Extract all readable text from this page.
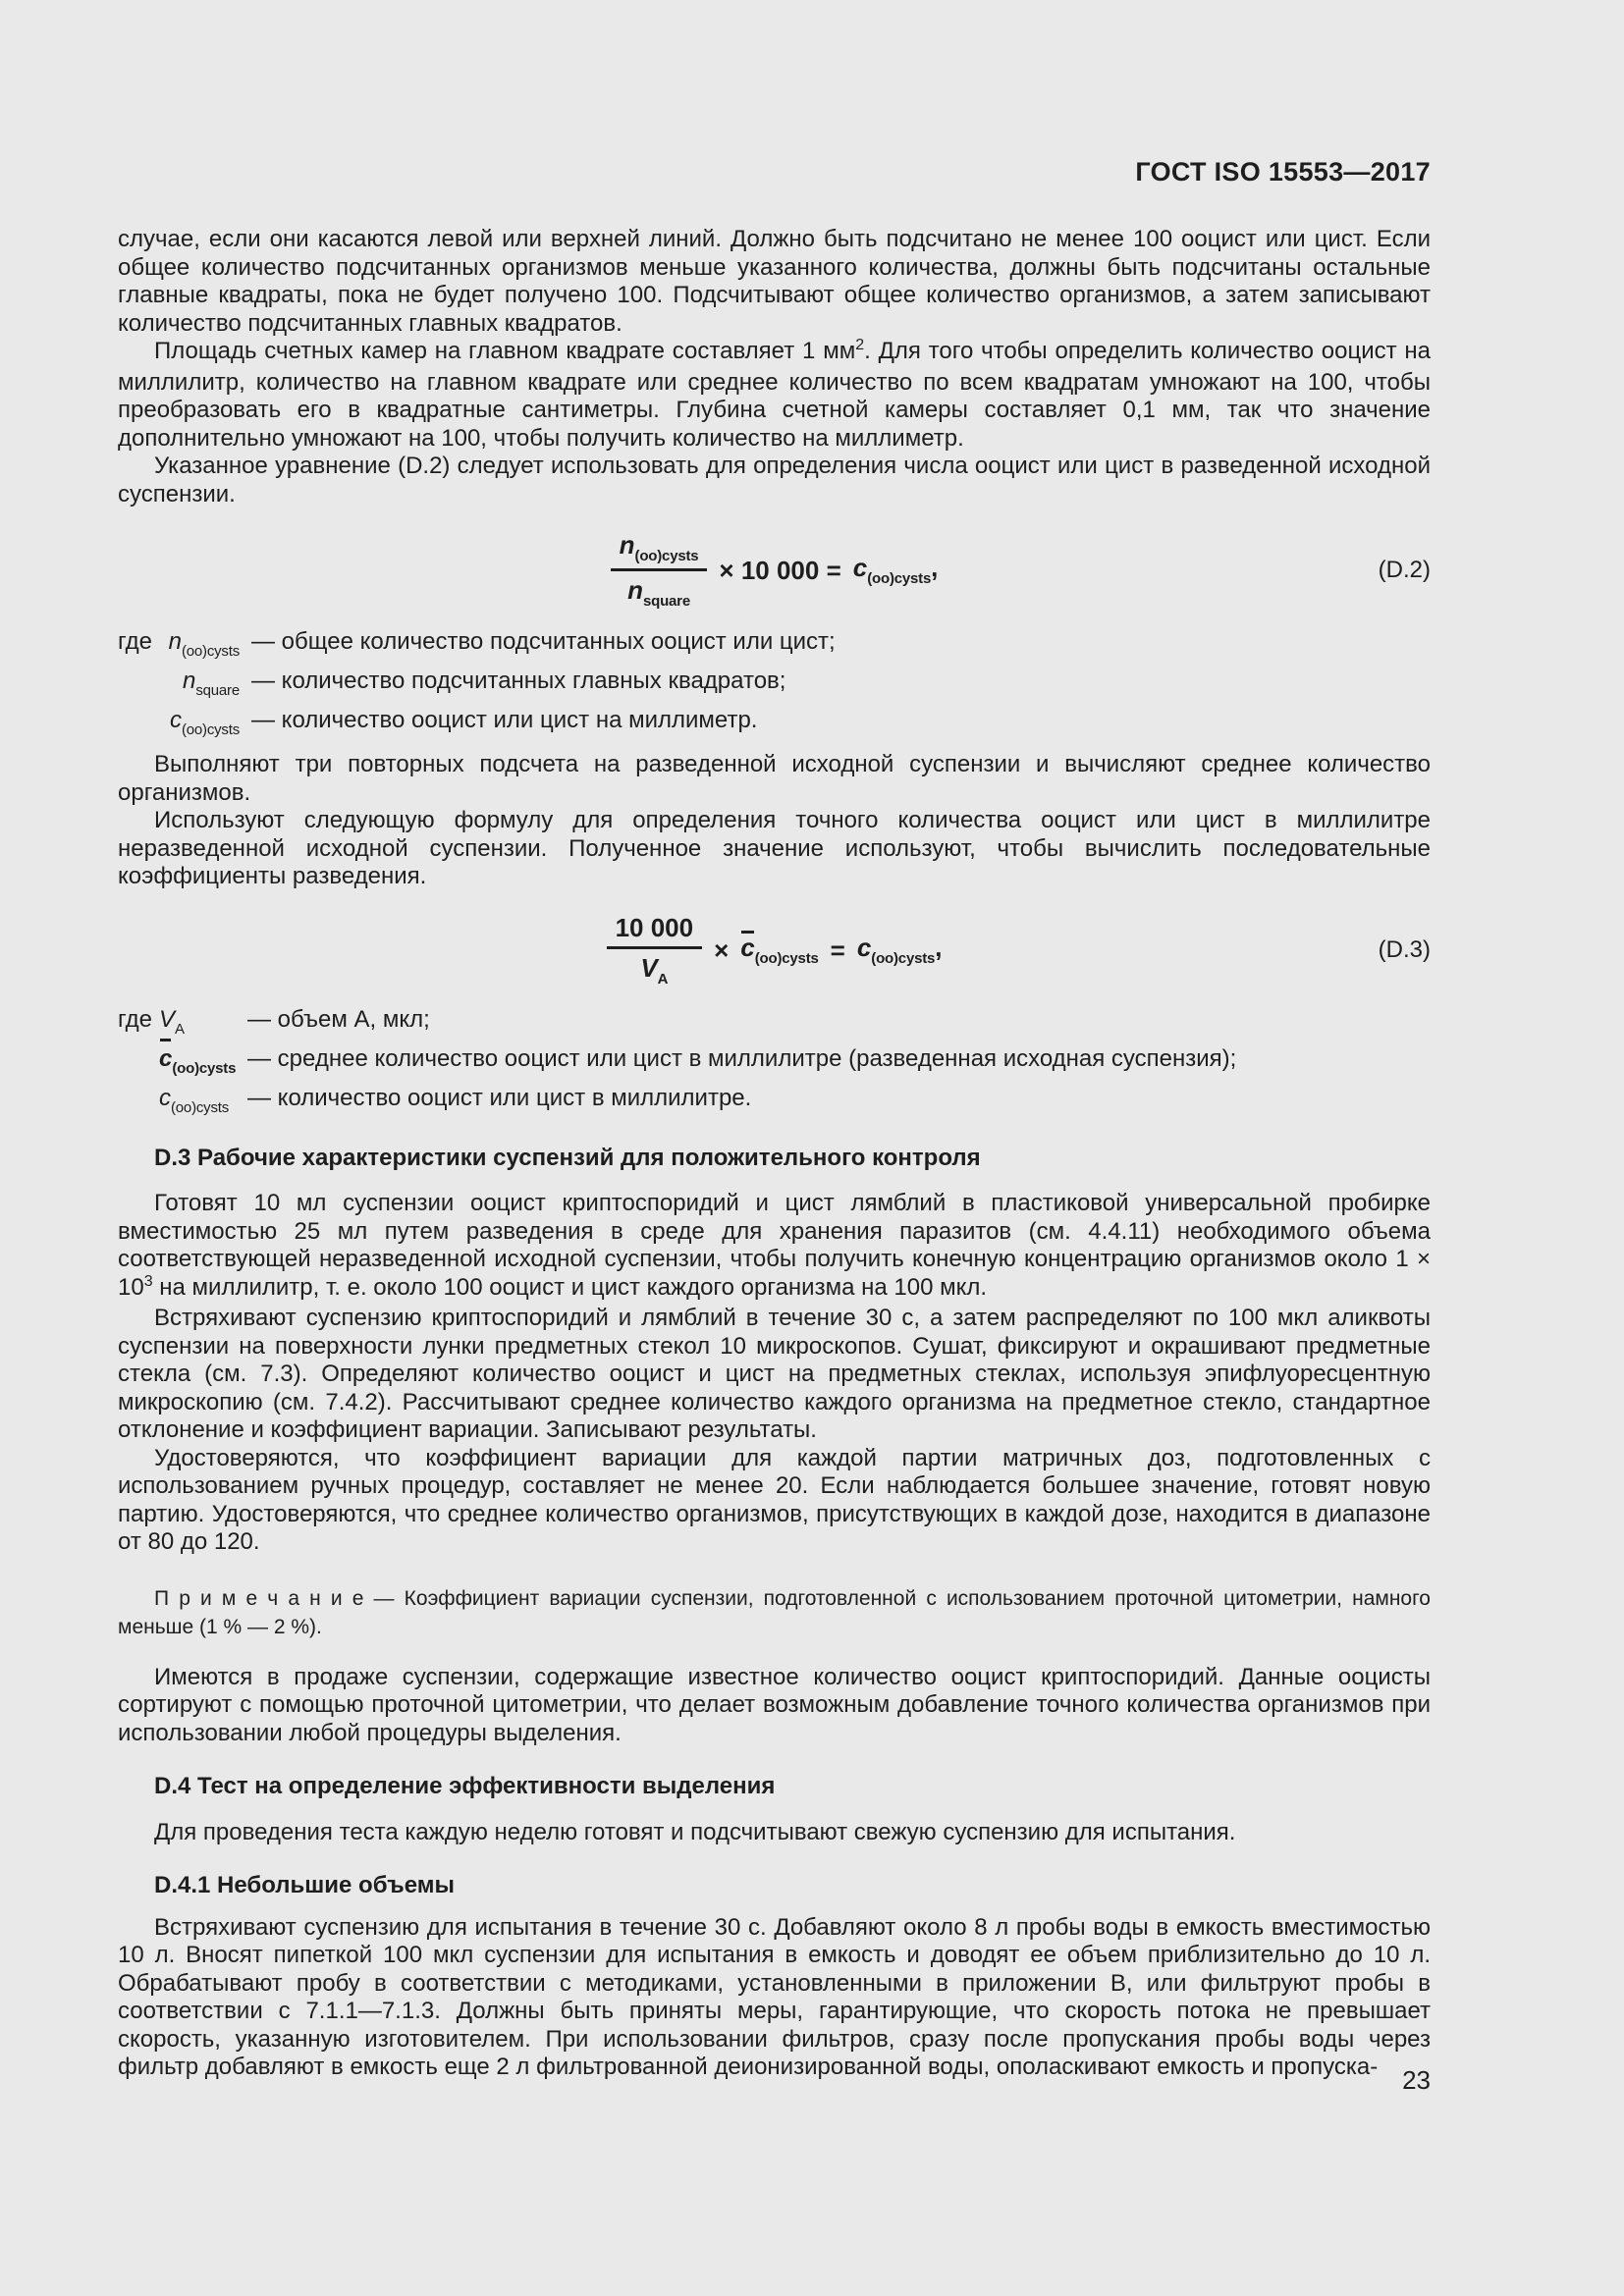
ГОСТ ISO 15553—2017

случае, если они касаются левой или верхней линий. Должно быть подсчитано не менее 100 ооцист или цист. Если общее количество подсчитанных организмов меньше указанного количества, должны быть подсчитаны остальные главные квадраты, пока не будет получено 100. Подсчитывают общее количество организмов, а затем записывают количество подсчитанных главных квадратов.

Площадь счетных камер на главном квадрате составляет 1 $мм^2$. Для того чтобы определить количество ооцист на миллилитр, количество на главном квадрате или среднее количество по всем квадратам умножают на 100, чтобы преобразовать его в квадратные сантиметры. Глубина счетной камеры составляет 0,1 мм, так что значение дополнительно умножают на 100, чтобы получить количество на миллиметр.

Указанное уравнение (D.2) следует использовать для определения числа ооцист или цист в разведенной исходной суспензии.

$\frac{n_{(oo)cysts}}{n_{square}} \times 10$ $000 = c_{(oo)cysts}$,	(D.2)
где $n_{(oo)cysts}$ — общее количество подсчитанных ооцист или цист;
$n_{square}$ — количество подсчитанных главных квадратов;
$c_{(oo)cysts}$ — количество ооцист или цист на миллиметр.

Выполняют три повторных подсчета на разведенной исходной суспензии и вычисляют среднее количество организмов.

Используют следующую формулу для определения точного количества ооцист или цист в миллилитре неразведенной исходной суспензии. Полученное значение используют, чтобы вычислить последовательные коэффициенты разведения.

$\frac{10 000}{V_A} \times c_{(oo)cysts} = c_{(oo)cysts}$,	(D.3)
где $V_A$	— объем А, мкл;
$c_{(oo)cysts}$ — среднее количество ооцист или цист в миллилитре (разведенная исходная суспензия);
$c_{(oo)cysts}$ — количество ооцист или цист в миллилитре.
D.3 Рабочие характеристики суспензий для положительного контроля

Готовят 10 мл суспензии ооцист криптоспоридий и цист лямблий в пластиковой универсальной пробирке вместимостью 25 мл путем разведения в среде для хранения паразитов (см. 4.4.11) необходимого объема соответствующей неразведенной исходной суспензии, чтобы получить конечную концентрацию организмов около $1 \times 10^3$ на миллилитр, т. е. около 100 ооцист и цист каждого организма на 100 мкл.

Встряхивают суспензию криптоспоридий и лямблий в течение 30 с, а затем распределяют по 100 мкл аликвоты суспензии на поверхности лунки предметных стекол 10 микроскопов. Сушат, фиксируют и окрашивают предметные стекла (см. 7.3). Определяют количество ооцист и цист на предметных стеклах, используя эпифлуоресцентную микроскопию (см. 7.4.2). Рассчитывают среднее количество каждого организма на предметное стекло, стандартное отклонение и коэффициент вариации. Записывают результаты.

Удостоверяются, что коэффициент вариации для каждой партии матричных доз, подготовленных с использованием ручных процедур, составляет не менее 20. Если наблюдается большее значение, готовят новую партию. Удостоверяются, что среднее количество организмов, присутствующих в каждой дозе, находится в диапазоне от 80 до 120.

П р и м е ч а н и е — Коэффициент вариации суспензии, подготовленной с использованием проточной цитометрии, намного меньше (1 % — 2 %).

Имеются в продаже суспензии, содержащие известное количество ооцист криптоспоридий. Данные ооцисты сортируют с помощью проточной цитометрии, что делает возможным добавление точного количества организмов при использовании любой процедуры выделения.

D.4 Тест на определение эффективности выделения

Для проведения теста каждую неделю готовят и подсчитывают свежую суспензию для испытания.

D.4.1 Небольшие объемы

Встряхивают суспензию для испытания в течение 30 с. Добавляют около 8 л пробы воды в емкость вместимостью 10 л. Вносят пипеткой 100 мкл суспензии для испытания в емкость и доводят ее объем приблизительно до 10 л. Обрабатывают пробу в соответствии с методиками, установленными в приложении В, или фильтруют пробы в соответствии с 7.1.1—7.1.3. Должны быть приняты меры, гарантирующие, что скорость потока не превышает скорость, указанную изготовителем. При использовании фильтров, сразу после пропускания пробы воды через фильтр добавляют в емкость еще 2 л фильтрованной деионизированной воды, ополаскивают емкость и пропуска- 23
